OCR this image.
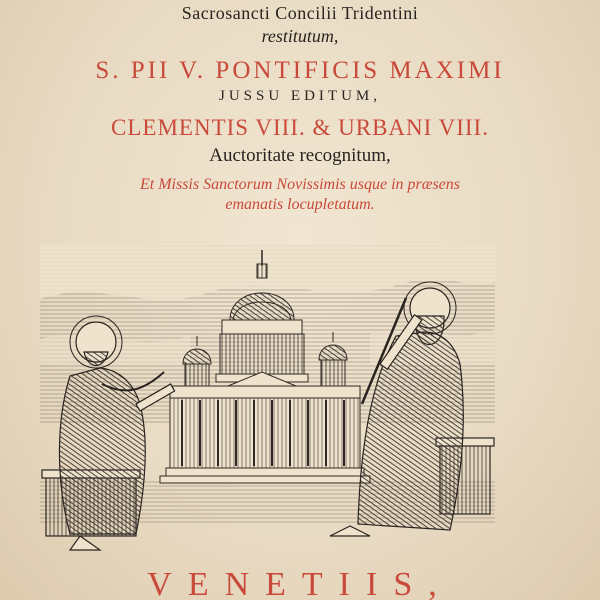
Sacrosancti Concilii Tridentini
restitutum,
S. PII V. PONTIFICIS MAXIMI
JUSSU EDITUM,
CLEMENTIS VIII. & URBANI VIII.
Auctoritate recognitum,
Et Missis Sanctorum Novissimis usque in præsens
emanatis locupletatum.
VENETIIS,
